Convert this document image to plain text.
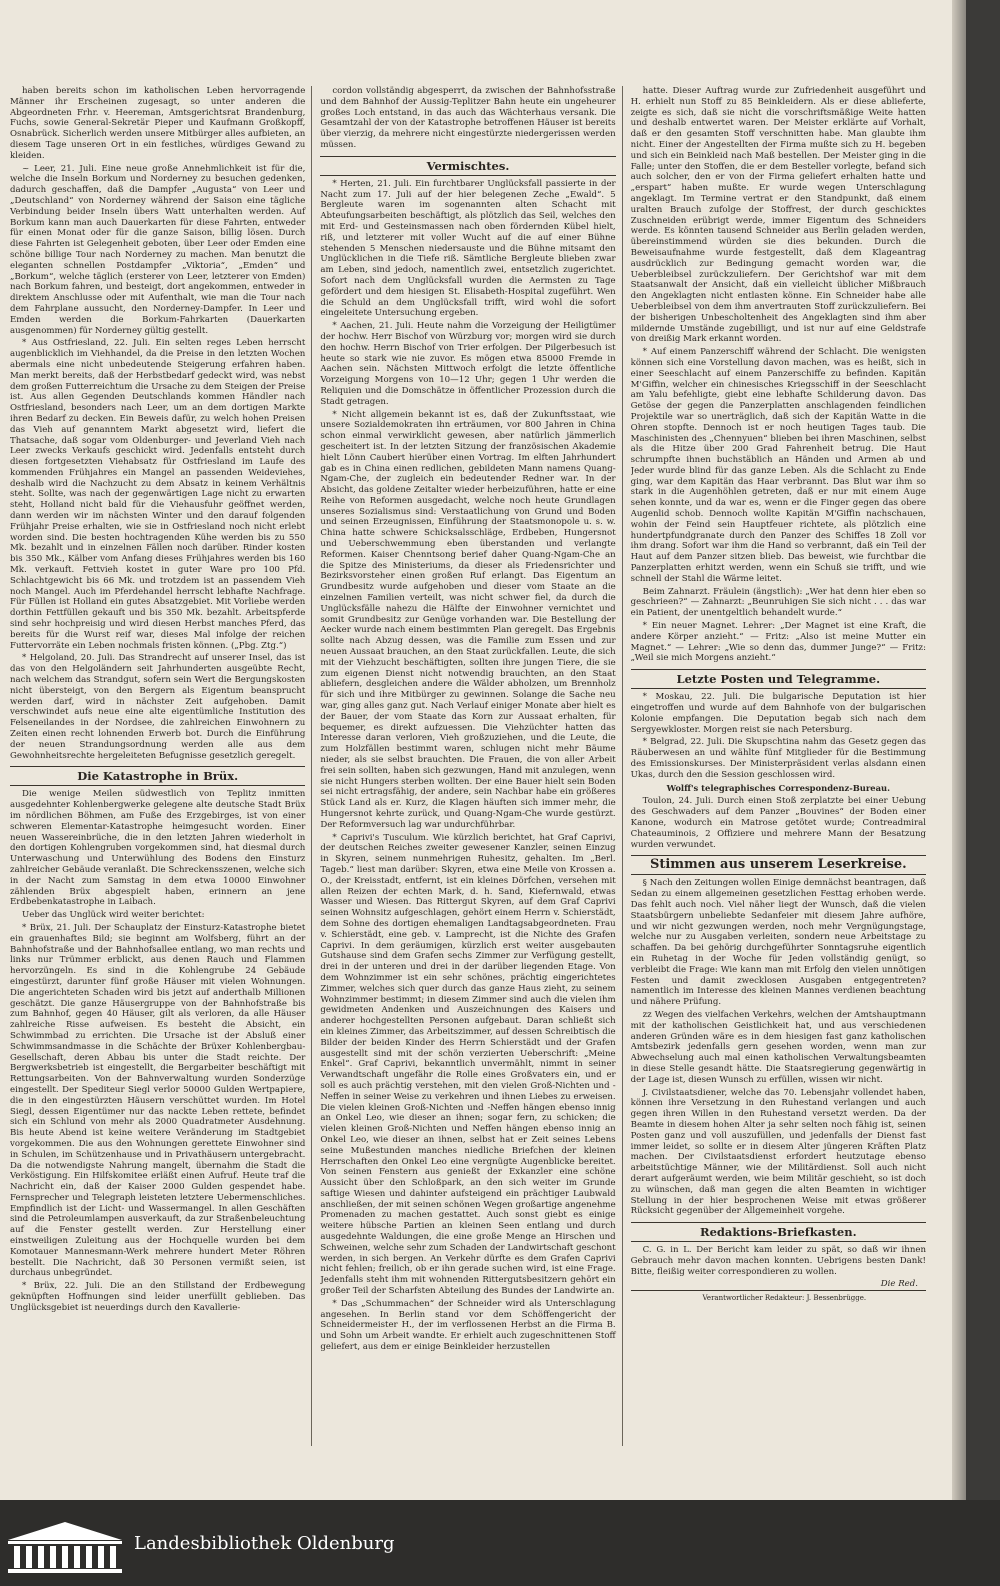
haben bereits schon im katholischen Leben hervorragende Männer ihr Erscheinen zugesagt, so unter anderen die Abgeordneten Frhr. v. Heereman, Amtsgerichtsrat Brandenburg, Fuchs, sowie General-Sekretär Pieper und Kaufmann Großkopff, Osnabrück. Sicherlich werden unsere Mitbürger alles aufbieten, an diesem Tage unseren Ort in ein festliches, würdiges Gewand zu kleiden.

~ Leer, 21. Juli. Eine neue große Annehmlichkeit ist für die, welche die Inseln Borkum und Norderney zu besuchen gedenken, dadurch geschaffen, daß die Dampfer „Augusta“ von Leer und „Deutschland“ von Norderney während der Saison eine tägliche Verbindung beider Inseln übers Watt unterhalten werden. Auf Borkum kann man auch Dauerkarten für diese Fahrten, entweder für einen Monat oder für die ganze Saison, billig lösen. Durch diese Fahrten ist Gelegenheit geboten, über Leer oder Emden eine schöne billige Tour nach Norderney zu machen. Man benutzt die eleganten schnellen Postdampfer „Viktoria“, „Emden“ und „Borkum“, welche täglich (ersterer von Leer, letzterer von Emden) nach Borkum fahren, und besteigt, dort angekommen, entweder in direktem Anschlusse oder mit Aufenthalt, wie man die Tour nach dem Fahrplane aussucht, den Norderney-Dampfer. In Leer und Emden werden die Borkum-Fahrkarten (Dauerkarten ausgenommen) für Norderney gültig gestellt.

* Aus Ostfriesland, 22. Juli. Ein selten reges Leben herrscht augenblicklich im Viehhandel, da die Preise in den letzten Wochen abermals eine nicht unbedeutende Steigerung erfahren haben. Man merkt bereits, daß der Herbstbedarf gedeckt wird, was nebst dem großen Futterreichtum die Ursache zu dem Steigen der Preise ist. Aus allen Gegenden Deutschlands kommen Händler nach Ostfriesland, besonders nach Leer, um an dem dortigen Markte ihren Bedarf zu decken. Ein Beweis dafür, zu welch hohen Preisen das Vieh auf genanntem Markt abgesetzt wird, liefert die Thatsache, daß sogar vom Oldenburger- und Jeverland Vieh nach Leer zwecks Verkaufs geschickt wird. Jedenfalls entsteht durch diesen fortgesetzten Viehabsatz für Ostfriesland im Laufe des kommenden Frühjahres ein Mangel an passenden Weideviehes, deshalb wird die Nachzucht zu dem Absatz in keinem Verhältnis steht. Sollte, was nach der gegenwärtigen Lage nicht zu erwarten steht, Holland nicht bald für die Viehausfuhr geöffnet werden, dann werden wir im nächsten Winter und den darauf folgenden Frühjahr Preise erhalten, wie sie in Ostfriesland noch nicht erlebt worden sind. Die besten hochtragenden Kühe werden bis zu 550 Mk. bezahlt und in einzelnen Fällen noch darüber. Rinder kosten bis 350 Mk., Kälber vom Anfang dieses Frühjahres werden bis 160 Mk. verkauft. Fettvieh kostet in guter Ware pro 100 Pfd. Schlachtgewicht bis 66 Mk. und trotzdem ist an passendem Vieh noch Mangel. Auch im Pferdehandel herrscht lebhafte Nachfrage. Für Füllen ist Holland ein gutes Absatzgebiet. Mit Vorliebe werden dorthin Fettfüllen gekauft und bis 350 Mk. bezahlt. Arbeitspferde sind sehr hochpreisig und wird diesen Herbst manches Pferd, das bereits für die Wurst reif war, dieses Mal infolge der reichen Futtervorräte ein Leben nochmals fristen können. („Pbg. Ztg.“)

* Helgoland, 20. Juli. Das Strandrecht auf unserer Insel, das ist das von den Helgoländern seit Jahrhunderten ausgeübte Recht, nach welchem das Strandgut, sofern sein Wert die Bergungskosten nicht übersteigt, von den Bergern als Eigentum beansprucht werden darf, wird in nächster Zeit aufgehoben. Damit verschwindet aufs neue eine alte eigentümliche Institution des Felseneilandes in der Nordsee, die zahlreichen Einwohnern zu Zeiten einen recht lohnenden Erwerb bot. Durch die Einführung der neuen Strandungsordnung werden alle aus dem Gewohnheitsrechte hergeleiteten Befugnisse gesetzlich geregelt.

Die Katastrophe in Brüx.

Die wenige Meilen südwestlich von Teplitz inmitten ausgedehnter Kohlenbergwerke gelegene alte deutsche Stadt Brüx im nördlichen Böhmen, am Fuße des Erzgebirges, ist von einer schweren Elementar-Katastrophe heimgesucht worden. Einer neuen Wassereinbrüche, die in den letzten Jahren wiederholt in den dortigen Kohlengruben vorgekommen sind, hat diesmal durch Unterwaschung und Unterwühlung des Bodens den Einsturz zahlreicher Gebäude veranlaßt. Die Schreckensszenen, welche sich in der Nacht zum Samstag in dem etwa 10000 Einwohner zählenden Brüx abgespielt haben, erinnern an jene Erdbebenkatastrophe in Laibach.

Ueber das Unglück wird weiter berichtet:

* Brüx, 21. Juli. Der Schauplatz der Einsturz-Katastrophe bietet ein grauenhaftes Bild; sie beginnt am Wolfsberg, führt an der Bahnhofstraße und der Bahnhofsallee entlang, wo man rechts und links nur Trümmer erblickt, aus denen Rauch und Flammen hervorzüngeln. Es sind in die Kohlengrube 24 Gebäude eingestürzt, darunter fünf große Häuser mit vielen Wohnungen. Die angerichteten Schaden wird bis jetzt auf anderthalb Millionen geschätzt. Die ganze Häusergruppe von der Bahnhofstraße bis zum Bahnhof, gegen 40 Häuser, gilt als verloren, da alle Häuser zahlreiche Risse aufweisen. Es besteht die Absicht, ein Schwimmbad zu errichten. Die Ursache ist der Absluß einer Schwimmsandmasse in die Schächte der Brüxer Kohlenbergbau-Gesellschaft, deren Abbau bis unter die Stadt reichte. Der Bergwerksbetrieb ist eingestellt, die Bergarbeiter beschäftigt mit Rettungsarbeiten. Von der Bahnverwaltung wurden Sonderzüge eingestellt. Der Spediteur Siegl verlor 50000 Gulden Wertpapiere, die in den eingestürzten Häusern verschüttet wurden. Im Hotel Siegl, dessen Eigentümer nur das nackte Leben rettete, befindet sich ein Schlund von mehr als 2000 Quadratmeter Ausdehnung. Bis heute Abend ist keine weitere Veränderung im Stadtgebiet vorgekommen. Die aus den Wohnungen gerettete Einwohner sind in Schulen, im Schützenhause und in Privathäusern untergebracht. Da die notwendigste Nahrung mangelt, übernahm die Stadt die Verköstigung. Ein Hilfskomitee erläßt einen Aufruf. Heute traf die Nachricht ein, daß der Kaiser 2000 Gulden gespendet habe. Fernsprecher und Telegraph leisteten letztere Uebermenschliches. Empfindlich ist der Licht- und Wassermangel. In allen Geschäften sind die Petroleumlampen ausverkauft, da zur Straßenbeleuchtung auf die Fenster gestellt werden. Zur Herstellung einer einstweiligen Zuleitung aus der Hochquelle wurden bei dem Komotauer Mannesmann-Werk mehrere hundert Meter Röhren bestellt. Die Nachricht, daß 30 Personen vermißt seien, ist durchaus unbegründet.

* Brüx, 22. Juli. Die an den Stillstand der Erdbewegung geknüpften Hoffnungen sind leider unerfüllt geblieben. Das Unglücksgebiet ist neuerdings durch den Kavallerie-

cordon vollständig abgesperrt, da zwischen der Bahnhofsstraße und dem Bahnhof der Aussig-Teplitzer Bahn heute ein ungeheurer großes Loch entstand, in das auch das Wächterhaus versank. Die Gesamtzahl der von der Katastrophe betroffenen Häuser ist bereits über vierzig, da mehrere nicht eingestürzte niedergerissen werden müssen.

Vermischtes.

* Herten, 21. Juli. Ein furchtbarer Unglücksfall passierte in der Nacht zum 17. Juli auf der hier belegenen Zeche „Ewald“. 5 Bergleute waren im sogenannten alten Schacht mit Abteufungsarbeiten beschäftigt, als plötzlich das Seil, welches den mit Erd- und Gesteinsmassen nach oben fördernden Kübel hielt, riß, und letzterer mit voller Wucht auf die auf einer Bühne stehenden 5 Menschen niedersauste und die Bühne mitsamt den Unglücklichen in die Tiefe riß. Sämtliche Bergleute blieben zwar am Leben, sind jedoch, namentlich zwei, entsetzlich zugerichtet. Sofort nach dem Unglücksfall wurden die Aermsten zu Tage gefördert und dem hiesigen St. Elisabeth-Hospital zugeführt. Wen die Schuld an dem Unglücksfall trifft, wird wohl die sofort eingeleitete Untersuchung ergeben.

* Aachen, 21. Juli. Heute nahm die Vorzeigung der Heiligtümer der hochw. Herr Bischof von Würzburg vor; morgen wird sie durch den hochw. Herrn Bischof von Trier erfolgen. Der Pilgerbesuch ist heute so stark wie nie zuvor. Es mögen etwa 85000 Fremde in Aachen sein. Nächsten Mittwoch erfolgt die letzte öffentliche Vorzeigung Morgens von 10—12 Uhr; gegen 1 Uhr werden die Reliquien und die Domschätze in öffentlicher Prozession durch die Stadt getragen.

* Nicht allgemein bekannt ist es, daß der Zukunftsstaat, wie unsere Sozialdemokraten ihn erträumen, vor 800 Jahren in China schon einmal verwirklicht gewesen, aber natürlich jämmerlich gescheitert ist. In der letzten Sitzung der französischen Akademie hielt Lönn Caubert hierüber einen Vortrag. Im elften Jahrhundert gab es in China einen redlichen, gebildeten Mann namens Quang-Ngam-Che, der zugleich ein bedeutender Redner war. In der Absicht, das goldene Zeitalter wieder herbeizuführen, hatte er eine Reihe von Reformen ausgedacht, welche noch heute Grundlagen unseres Sozialismus sind: Verstaatlichung von Grund und Boden und seinen Erzeugnissen, Einführung der Staatsmonopole u. s. w. China hatte schwere Schicksalsschläge, Erdbeben, Hungersnot und Ueberschwemmung eben überstanden und verlangte Reformen. Kaiser Chenntsong berief daher Quang-Ngam-Che an die Spitze des Ministeriums, da dieser als Friedensrichter und Bezirksvorsteher einen großen Ruf erlangt. Das Eigentum an Grundbesitz wurde aufgehoben und dieser vom Staate an die einzelnen Familien verteilt, was nicht schwer fiel, da durch die Unglücksfälle nahezu die Hälfte der Einwohner vernichtet und somit Grundbesitz zur Genüge vorhanden war. Die Bestellung der Aecker wurde nach einem bestimmten Plan geregelt. Das Ergebnis sollte nach Abzug dessen, was die Familie zum Essen und zur neuen Aussaat brauchen, an den Staat zurückfallen. Leute, die sich mit der Viehzucht beschäftigten, sollten ihre jungen Tiere, die sie zum eigenen Dienst nicht notwendig brauchten, an den Staat abliefern, desgleichen andere die Wälder abholzen, um Brennholz für sich und ihre Mitbürger zu gewinnen. Solange die Sache neu war, ging alles ganz gut. Nach Verlauf einiger Monate aber hielt es der Bauer, der vom Staate das Korn zur Aussaat erhalten, für bequemer, es direkt aufzuessen. Die Viehzüchter hatten das Interesse daran verloren, Vieh großzuziehen, und die Leute, die zum Holzfällen bestimmt waren, schlugen nicht mehr Bäume nieder, als sie selbst brauchten. Die Frauen, die von aller Arbeit frei sein sollten, haben sich gezwungen, Hand mit anzulegen, wenn sie nicht Hungers sterben wollten. Der eine Bauer hielt sein Boden sei nicht ertragsfähig, der andere, sein Nachbar habe ein größeres Stück Land als er. Kurz, die Klagen häuften sich immer mehr, die Hungersnot kehrte zurück, und Quang-Ngam-Che wurde gestürzt. Der Reformversuch lag war undurchführbar.

* Caprivi's Tusculum. Wie kürzlich berichtet, hat Graf Caprivi, der deutschen Reiches zweiter gewesener Kanzler, seinen Einzug in Skyren, seinem nunmehrigen Ruhesitz, gehalten. Im „Berl. Tageb.“ liest man darüber: Skyren, etwa eine Meile von Krossen a. O., der Kreisstadt, entfernt, ist ein kleines Dörfchen, versehen mit allen Reizen der echten Mark, d. h. Sand, Kiefernwald, etwas Wasser und Wiesen. Das Rittergut Skyren, auf dem Graf Caprivi seinen Wohnsitz aufgeschlagen, gehört einem Herrn v. Schierstädt, dem Sohne des dortigen ehemaligen Landtagsabgeordneten. Frau v. Schierstädt, eine geb. v. Lamprecht, ist die Nichte des Grafen Caprivi. In dem geräumigen, kürzlich erst weiter ausgebauten Gutshause sind dem Grafen sechs Zimmer zur Verfügung gestellt, drei in der unteren und drei in der darüber liegenden Etage. Von dem Wohnzimmer ist ein sehr schönes, prächtig eingerichtetes Zimmer, welches sich quer durch das ganze Haus zieht, zu seinem Wohnzimmer bestimmt; in diesem Zimmer sind auch die vielen ihm gewidmeten Andenken und Auszeichnungen des Kaisers und anderer hochgestellten Personen aufgebaut. Daran schließt sich ein kleines Zimmer, das Arbeitszimmer, auf dessen Schreibtisch die Bilder der beiden Kinder des Herrn Schierstädt und der Grafen ausgestellt sind mit der schön verzierten Ueberschrift: „Meine Enkel“. Graf Caprivi, bekanntlich unvermählt, nimmt in seiner Verwandtschaft ungefähr die Rolle eines Großvaters ein, und er soll es auch prächtig verstehen, mit den vielen Groß-Nichten und -Neffen in seiner Weise zu verkehren und ihnen Liebes zu erweisen. Die vielen kleinen Groß-Nichten und -Neffen hängen ebenso innig an Onkel Leo, wie dieser an ihnen; sogar fern, zu schicken; die vielen kleinen Groß-Nichten und Neffen hängen ebenso innig an Onkel Leo, wie dieser an ihnen, selbst hat er Zeit seines Lebens seine Mußestunden manches niedliche Briefchen der kleinen Herrschaften den Onkel Leo eine vergnügte Augenblicke bereitet. Von seinen Fenstern aus genießt der Exkanzler eine schöne Aussicht über den Schloßpark, an den sich weiter im Grunde saftige Wiesen und dahinter aufsteigend ein prächtiger Laubwald anschließen, der mit seinen schönen Wegen großartige angenehme Promenaden zu machen gestattet. Auch sonst giebt es einige weitere hübsche Partien an kleinen Seen entlang und durch ausgedehnte Waldungen, die eine große Menge an Hirschen und Schweinen, welche sehr zum Schaden der Landwirtschaft geschont werden, in sich bergen. An Verkehr dürfte es dem Grafen Caprivi nicht fehlen; freilich, ob er ihn gerade suchen wird, ist eine Frage. Jedenfalls steht ihm mit wohnenden Rittergutsbesitzern gehört ein großer Teil der Scharfsten Abteilung des Bundes der Landwirte an.

* Das „Schummachen“ der Schneider wird als Unterschlagung angesehen. In Berlin stand vor dem Schöffengericht der Schneidermeister H., der im verflossenen Herbst an die Firma B. und Sohn um Arbeit wandte. Er erhielt auch zugeschnittenen Stoff geliefert, aus dem er einige Beinkleider herzustellen

hatte. Dieser Auftrag wurde zur Zufriedenheit ausgeführt und H. erhielt nun Stoff zu 85 Beinkleidern. Als er diese ablieferte, zeigte es sich, daß sie nicht die vorschriftsmäßige Weite hatten und deshalb entwertet waren. Der Meister erklärte auf Vorhalt, daß er den gesamten Stoff verschnitten habe. Man glaubte ihm nicht. Einer der Angestellten der Firma mußte sich zu H. begeben und sich ein Beinkleid nach Maß bestellen. Der Meister ging in die Falle; unter den Stoffen, die er dem Besteller vorlegte, befand sich auch solcher, den er von der Firma geliefert erhalten hatte und „erspart“ haben mußte. Er wurde wegen Unterschlagung angeklagt. Im Termine vertrat er den Standpunkt, daß einem uralten Brauch zufolge der Stoffrest, der durch geschicktes Zuschneiden erübrigt werde, immer Eigentum des Schneiders werde. Es könnten tausend Schneider aus Berlin geladen werden, übereinstimmend würden sie dies bekunden. Durch die Beweisaufnahme wurde festgestellt, daß dem Klageantrag ausdrücklich zur Bedingung gemacht worden war, die Ueberbleibsel zurückzuliefern. Der Gerichtshof war mit dem Staatsanwalt der Ansicht, daß ein vielleicht üblicher Mißbrauch den Angeklagten nicht entlasten könne. Ein Schneider habe alle Ueberbleibsel von dem ihm anvertrauten Stoff zurückzuliefern. Bei der bisherigen Unbescholtenheit des Angeklagten sind ihm aber mildernde Umstände zugebilligt, und ist nur auf eine Geldstrafe von dreißig Mark erkannt worden.

* Auf einem Panzerschiff während der Schlacht. Die wenigsten können sich eine Vorstellung davon machen, was es heißt, sich in einer Seeschlacht auf einem Panzerschiffe zu befinden. Kapitän M'Giffin, welcher ein chinesisches Kriegsschiff in der Seeschlacht am Yalu befehligte, giebt eine lebhafte Schilderung davon. Das Getöse der gegen die Panzerplatten anschlagenden feindlichen Projektile war so unerträglich, daß sich der Kapitän Watte in die Ohren stopfte. Dennoch ist er noch heutigen Tages taub. Die Maschinisten des „Chennyuen“ blieben bei ihren Maschinen, selbst als die Hitze über 200 Grad Fahrenheit betrug. Die Haut schrumpfte ihnen buchstäblich an Händen und Armen ab und Jeder wurde blind für das ganze Leben. Als die Schlacht zu Ende ging, war dem Kapitän das Haar verbrannt. Das Blut war ihm so stark in die Augenhöhlen getreten, daß er nur mit einem Auge sehen konnte, und da war es, wenn er die Finger gegen das obere Augenlid schob. Dennoch wollte Kapitän M'Giffin nachschauen, wohin der Feind sein Hauptfeuer richtete, als plötzlich eine hundertpfundgranate durch den Panzer des Schiffes 18 Zoll vor ihm drang. Sofort war ihm die Hand so verbrannt, daß ein Teil der Haut auf dem Panzer sitzen blieb. Das beweist, wie furchtbar die Panzerplatten erhitzt werden, wenn ein Schuß sie trifft, und wie schnell der Stahl die Wärme leitet.

Beim Zahnarzt. Fräulein (ängstlich): „Wer hat denn hier eben so geschrieen?“ — Zahnarzt: „Beunruhigen Sie sich nicht . . . das war ein Patient, der unentgeltlich behandelt wurde.“

* Ein neuer Magnet. Lehrer: „Der Magnet ist eine Kraft, die andere Körper anzieht.“ — Fritz: „Also ist meine Mutter ein Magnet.“ — Lehrer: „Wie so denn das, dummer Junge?“ — Fritz: „Weil sie mich Morgens anzieht.“

Letzte Posten und Telegramme.

* Moskau, 22. Juli. Die bulgarische Deputation ist hier eingetroffen und wurde auf dem Bahnhofe von der bulgarischen Kolonie empfangen. Die Deputation begab sich nach dem Sergyewkloster. Morgen reist sie nach Petersburg.

* Belgrad, 22. Juli. Die Skupschtina nahm das Gesetz gegen das Räuberwesen an und wählte fünf Mitglieder für die Bestimmung des Emissionskurses. Der Ministerpräsident verlas alsdann einen Ukas, durch den die Session geschlossen wird.

Wolff's telegraphisches Correspondenz-Bureau.

Toulon, 24. Juli. Durch einen Stoß zerplatzte bei einer Uebung des Geschwaders auf dem Panzer „Bouvines“ der Boden einer Kanone, wodurch ein Matrose getötet wurde; Contreadmiral Chateauminois, 2 Offiziere und mehrere Mann der Besatzung wurden verwundet.

Stimmen aus unserem Leserkreise.

§ Nach den Zeitungen wollen Einige demnächst beantragen, daß Sedan zu einem allgemeinen gesetzlichen Festtag erhoben werde. Das fehlt auch noch. Viel näher liegt der Wunsch, daß die vielen Staatsbürgern unbeliebte Sedanfeier mit diesem Jahre aufhöre, und wir nicht gezwungen werden, noch mehr Vergnügungstage, welche nur zu Ausgaben verleiten, sondern neue Arbeitstage zu schaffen. Da bei gehörig durchgeführter Sonntagsruhe eigentlich ein Ruhetag in der Woche für Jeden vollständig genügt, so verbleibt die Frage: Wie kann man mit Erfolg den vielen unnötigen Festen und damit zwecklosen Ausgaben entgegentreten? namentlich im Interesse des kleinen Mannes verdienen beachtung und nähere Prüfung.

zz Wegen des vielfachen Verkehrs, welchen der Amtshauptmann mit der katholischen Geistlichkeit hat, und aus verschiedenen anderen Gründen wäre es in dem hiesigen fast ganz katholischen Amtsbezirk jedenfalls gern gesehen worden, wenn man zur Abwechselung auch mal einen katholischen Verwaltungsbeamten in diese Stelle gesandt hätte. Die Staatsregierung gegenwärtig in der Lage ist, diesen Wunsch zu erfüllen, wissen wir nicht.

J. Civilstaatsdiener, welche das 70. Lebensjahr vollendet haben, können ihre Versetzung in den Ruhestand verlangen und auch gegen ihren Willen in den Ruhestand versetzt werden. Da der Beamte in diesem hohen Alter ja sehr selten noch fähig ist, seinen Posten ganz und voll auszufüllen, und jedenfalls der Dienst fast immer leidet, so sollte er in diesem Alter jüngeren Kräften Platz machen. Der Civilstaatsdienst erfordert heutzutage ebenso arbeitstüchtige Männer, wie der Militärdienst. Soll auch nicht derart aufgeräumt werden, wie beim Militär geschieht, so ist doch zu wünschen, daß man gegen die alten Beamten in wichtiger Stellung in der hier besprochenen Weise mit etwas größerer Rücksicht gegenüber der Allgemeinheit vorgehe.

Redaktions-Briefkasten.

C. G. in L. Der Bericht kam leider zu spät, so daß wir ihnen Gebrauch mehr davon machen konnten. Uebrigens besten Dank! Bitte, fleißig weiter correspondieren zu wollen.

Die Red.

Verantwortlicher Redakteur: J. Bessenbrügge.

Landesbibliothek Oldenburg
